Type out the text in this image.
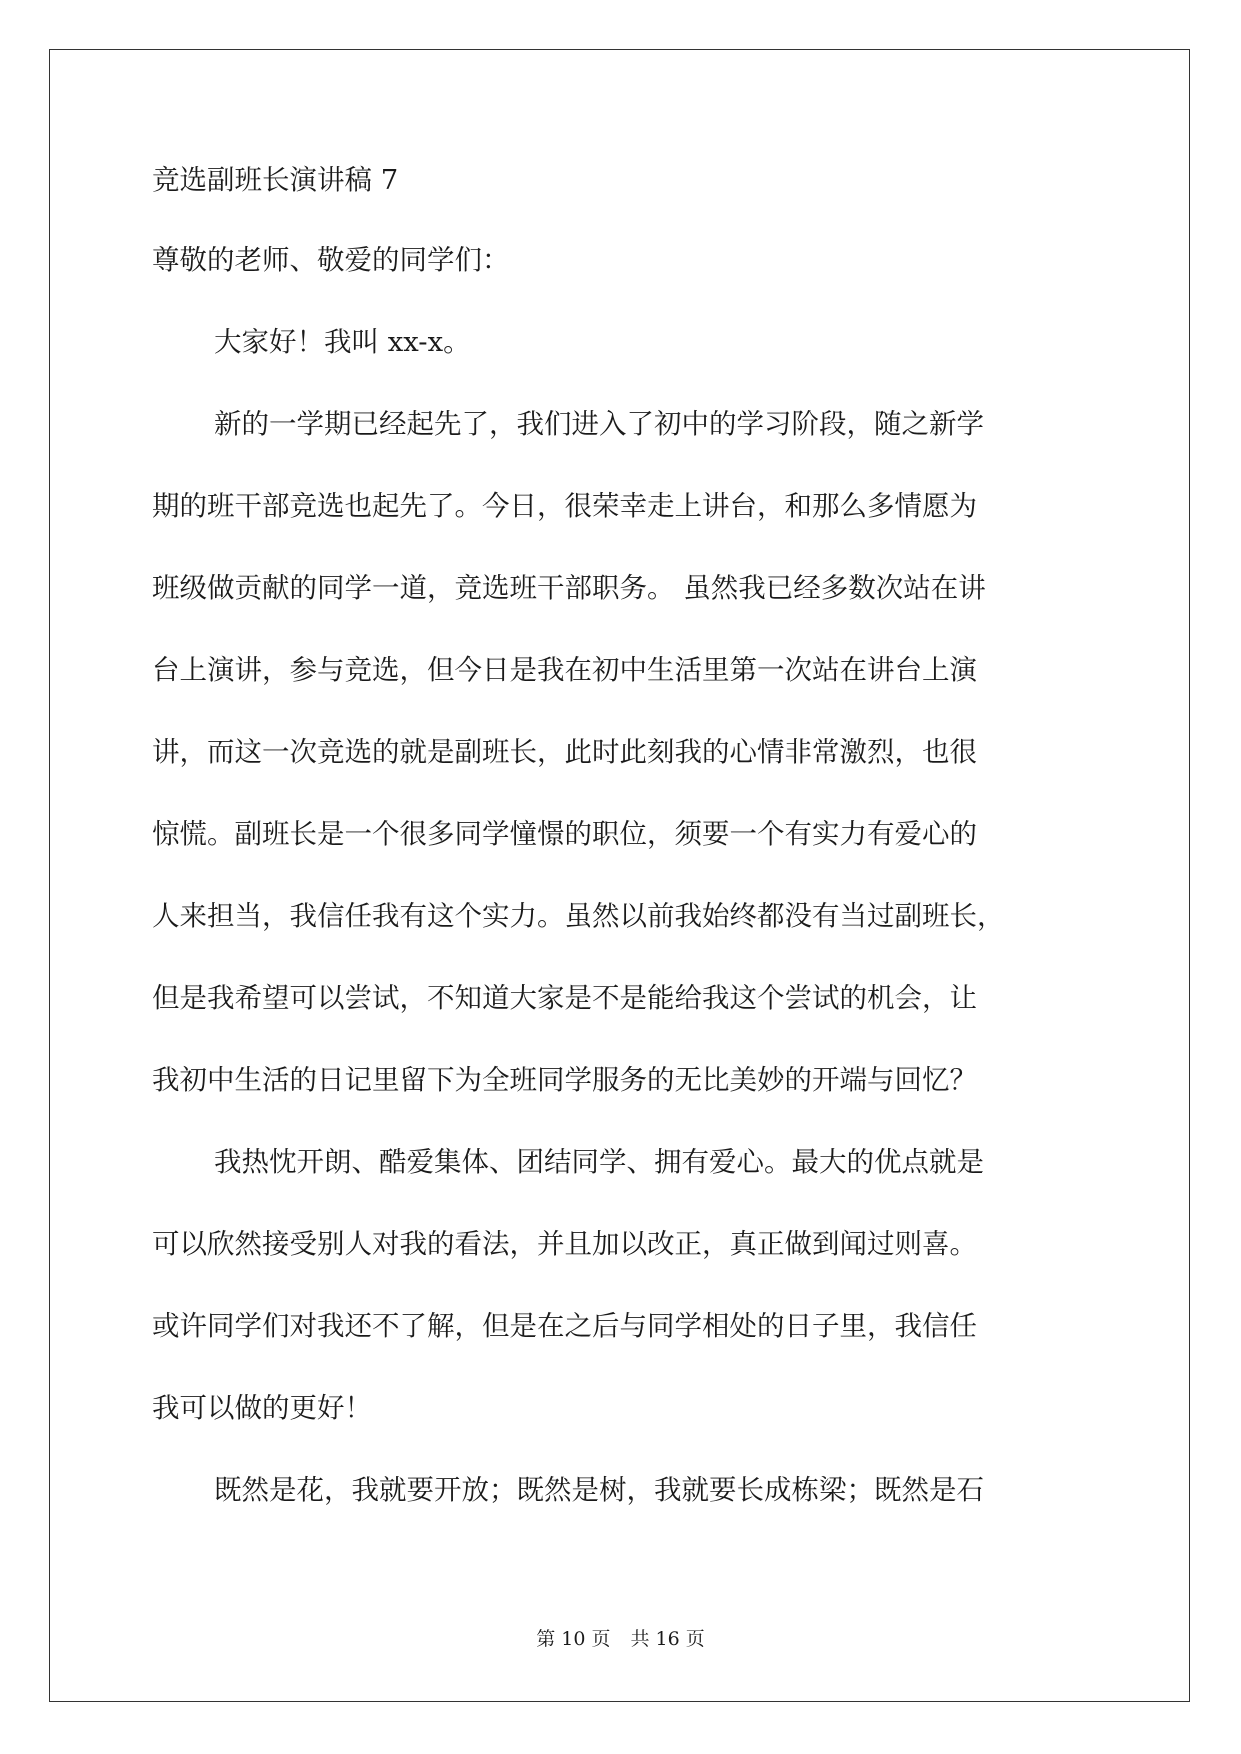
竞选副班长演讲稿 7

尊敬的老师、敬爱的同学们：

大家好！我叫 xx-x。

新的一学期已经起先了，我们进入了初中的学习阶段，随之新学

期的班干部竞选也起先了。今日，很荣幸走上讲台，和那么多情愿为

班级做贡献的同学一道，竞选班干部职务。 虽然我已经多数次站在讲

台上演讲，参与竞选，但今日是我在初中生活里第一次站在讲台上演

讲，而这一次竞选的就是副班长，此时此刻我的心情非常激烈，也很

惊慌。副班长是一个很多同学憧憬的职位，须要一个有实力有爱心的

人来担当，我信任我有这个实力。虽然以前我始终都没有当过副班长，

但是我希望可以尝试，不知道大家是不是能给我这个尝试的机会，让

我初中生活的日记里留下为全班同学服务的无比美妙的开端与回忆？

我热忱开朗、酷爱集体、团结同学、拥有爱心。最大的优点就是

可以欣然接受别人对我的看法，并且加以改正，真正做到闻过则喜。

或许同学们对我还不了解，但是在之后与同学相处的日子里，我信任

我可以做的更好！

既然是花，我就要开放；既然是树，我就要长成栋梁；既然是石

第 10 页 共 16 页
